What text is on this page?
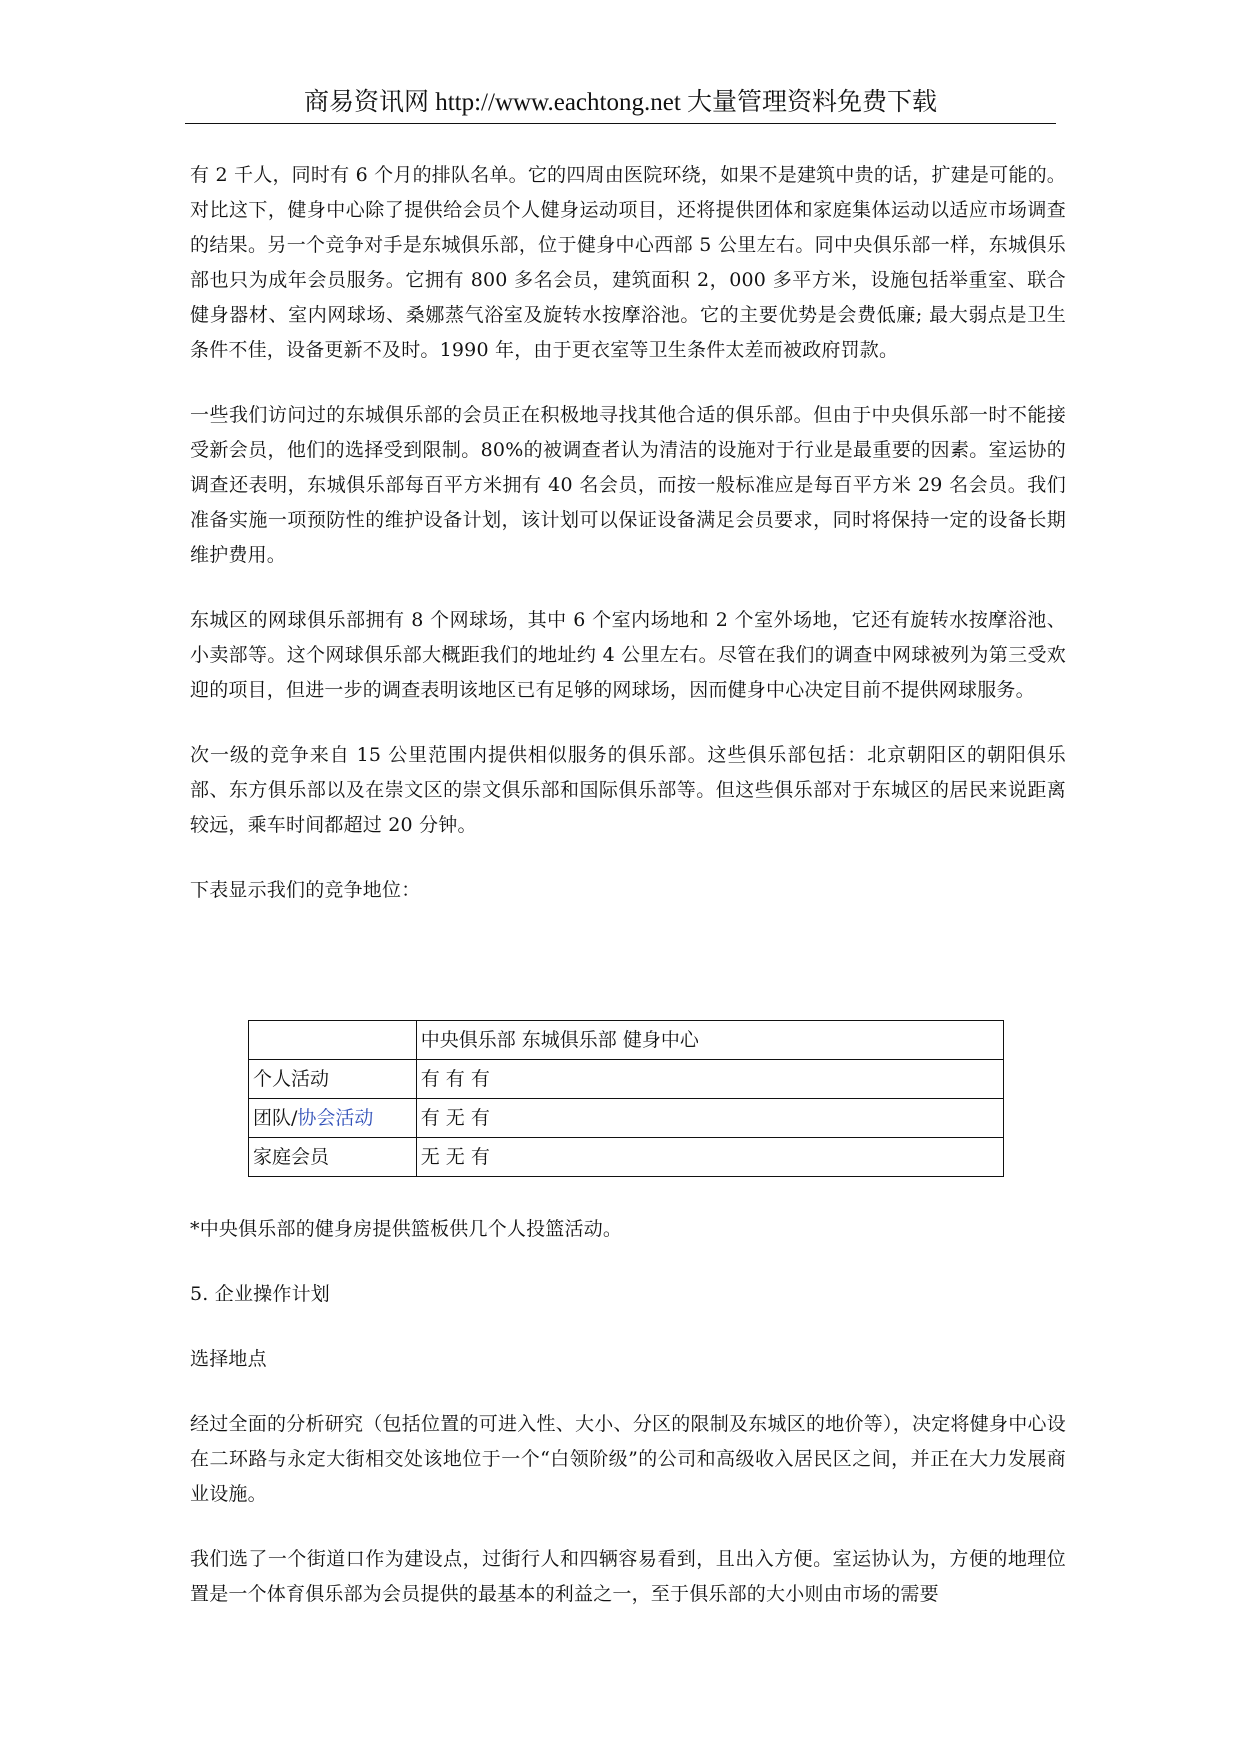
商易资讯网 http://www.eachtong.net 大量管理资料免费下载

有 2 千人，同时有 6 个月的排队名单。它的四周由医院环绕，如果不是建筑中贵的话，扩建是可能的。对比这下，健身中心除了提供给会员个人健身运动项目，还将提供团体和家庭集体运动以适应市场调查的结果。另一个竞争对手是东城俱乐部，位于健身中心西部 5 公里左右。同中央俱乐部一样，东城俱乐部也只为成年会员服务。它拥有 800 多名会员，建筑面积 2，000 多平方米，设施包括举重室、联合健身器材、室内网球场、桑娜蒸气浴室及旋转水按摩浴池。它的主要优势是会费低廉; 最大弱点是卫生条件不佳，设备更新不及时。1990 年，由于更衣室等卫生条件太差而被政府罚款。

一些我们访问过的东城俱乐部的会员正在积极地寻找其他合适的俱乐部。但由于中央俱乐部一时不能接受新会员，他们的选择受到限制。80%的被调查者认为清洁的设施对于行业是最重要的因素。室运协的调查还表明，东城俱乐部每百平方米拥有 40 名会员，而按一般标准应是每百平方米 29 名会员。我们准备实施一项预防性的维护设备计划，该计划可以保证设备满足会员要求，同时将保持一定的设备长期维护费用。

东城区的网球俱乐部拥有 8 个网球场，其中 6 个室内场地和 2 个室外场地，它还有旋转水按摩浴池、小卖部等。这个网球俱乐部大概距我们的地址约 4 公里左右。尽管在我们的调查中网球被列为第三受欢迎的项目，但进一步的调查表明该地区已有足够的网球场，因而健身中心决定目前不提供网球服务。

次一级的竞争来自 15 公里范围内提供相似服务的俱乐部。这些俱乐部包括：北京朝阳区的朝阳俱乐部、东方俱乐部以及在崇文区的崇文俱乐部和国际俱乐部等。但这些俱乐部对于东城区的居民来说距离较远，乘车时间都超过 20 分钟。

下表显示我们的竞争地位：

	中央俱乐部 东城俱乐部 健身中心
个人活动	有 有 有
团队/协会活动	有 无 有
家庭会员	无 无 有

*中央俱乐部的健身房提供篮板供几个人投篮活动。

5. 企业操作计划

选择地点

经过全面的分析研究（包括位置的可进入性、大小、分区的限制及东城区的地价等），决定将健身中心设在二环路与永定大街相交处该地位于一个“白领阶级”的公司和高级收入居民区之间，并正在大力发展商业设施。

我们选了一个街道口作为建设点，过街行人和四辆容易看到，且出入方便。室运协认为，方便的地理位置是一个体育俱乐部为会员提供的最基本的利益之一，至于俱乐部的大小则由市场的需要
